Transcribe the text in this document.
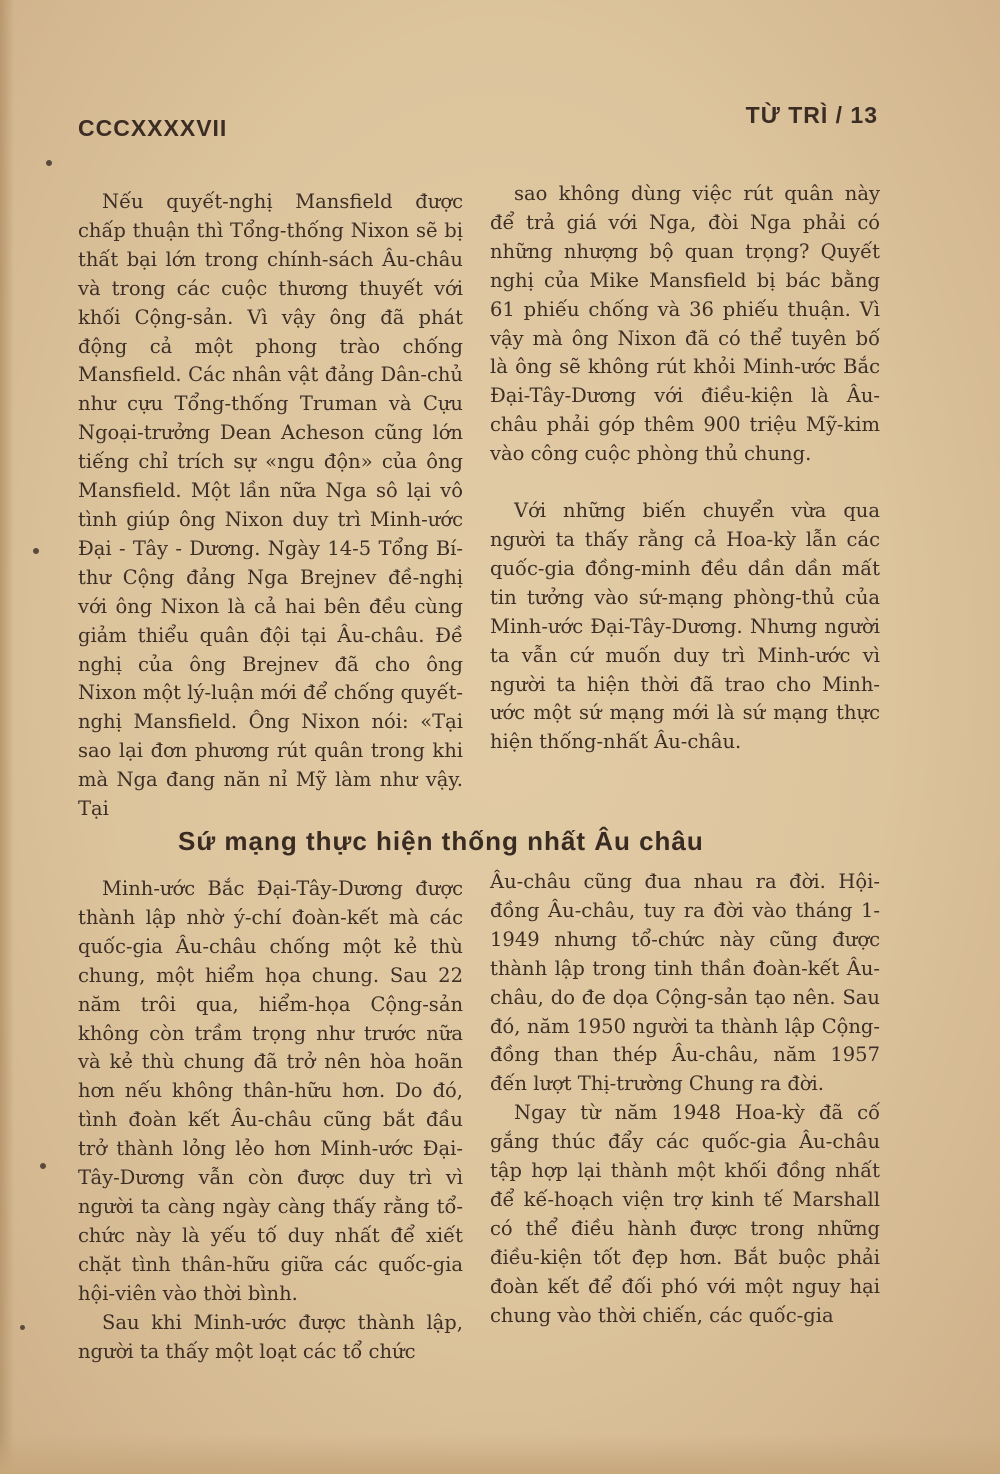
CCCXXXXVII	TỪ TRÌ / 13

Nếu quyết-nghị Mansfield được chấp thuận thì Tổng-thống Nixon sẽ bị thất bại lớn trong chính-sách Âu-châu và trong các cuộc thương thuyết với khối Cộng-sản. Vì vậy ông đã phát động cả một phong trào chống Mansfield. Các nhân vật đảng Dân-chủ như cựu Tổng-thống Truman và Cựu Ngoại-trưởng Dean Acheson cũng lớn tiếng chỉ trích sự «ngu độn» của ông Mansfield. Một lần nữa Nga sô lại vô tình giúp ông Nixon duy trì Minh-ước Đại - Tây - Dương. Ngày 14-5 Tổng Bí-thư Cộng đảng Nga Brejnev đề-nghị với ông Nixon là cả hai bên đều cùng giảm thiểu quân đội tại Âu-châu. Đề nghị của ông Brejnev đã cho ông Nixon một lý-luận mới để chống quyết-nghị Mansfield. Ông Nixon nói: «Tại sao lại đơn phương rút quân trong khi mà Nga đang năn nỉ Mỹ làm như vậy. Tại

sao không dùng việc rút quân này để trả giá với Nga, đòi Nga phải có những nhượng bộ quan trọng? Quyết nghị của Mike Mansfield bị bác bằng 61 phiếu chống và 36 phiếu thuận. Vì vậy mà ông Nixon đã có thể tuyên bố là ông sẽ không rút khỏi Minh-ước Bắc Đại-Tây-Dương với điều-kiện là Âu-châu phải góp thêm 900 triệu Mỹ-kim vào công cuộc phòng thủ chung.

Với những biến chuyển vừa qua người ta thấy rằng cả Hoa-kỳ lẫn các quốc-gia đồng-minh đều dần dần mất tin tưởng vào sứ-mạng phòng-thủ của Minh-ước Đại-Tây-Dương. Nhưng người ta vẫn cứ muốn duy trì Minh-ước vì người ta hiện thời đã trao cho Minh-ước một sứ mạng mới là sứ mạng thực hiện thống-nhất Âu-châu.

Sứ mạng thực hiện thống nhất Âu châu

Minh-ước Bắc Đại-Tây-Dương được thành lập nhờ ý-chí đoàn-kết mà các quốc-gia Âu-châu chống một kẻ thù chung, một hiểm họa chung. Sau 22 năm trôi qua, hiểm-họa Cộng-sản không còn trầm trọng như trước nữa và kẻ thù chung đã trở nên hòa hoãn hơn nếu không thân-hữu hơn. Do đó, tình đoàn kết Âu-châu cũng bắt đầu trở thành lỏng lẻo hơn Minh-ước Đại-Tây-Dương vẫn còn được duy trì vì người ta càng ngày càng thấy rằng tổ-chức này là yếu tố duy nhất để xiết chặt tình thân-hữu giữa các quốc-gia hội-viên vào thời bình.

Sau khi Minh-ước được thành lập, người ta thấy một loạt các tổ chức

Âu-châu cũng đua nhau ra đời. Hội-đồng Âu-châu, tuy ra đời vào tháng 1-1949 nhưng tổ-chức này cũng được thành lập trong tinh thần đoàn-kết Âu-châu, do đe dọa Cộng-sản tạo nên. Sau đó, năm 1950 người ta thành lập Cộng-đồng than thép Âu-châu, năm 1957 đến lượt Thị-trường Chung ra đời.

Ngay từ năm 1948 Hoa-kỳ đã cố gắng thúc đẩy các quốc-gia Âu-châu tập hợp lại thành một khối đồng nhất để kế-hoạch viện trợ kinh tế Marshall có thể điều hành được trong những điều-kiện tốt đẹp hơn. Bắt buộc phải đoàn kết để đối phó với một nguy hại chung vào thời chiến, các quốc-gia
